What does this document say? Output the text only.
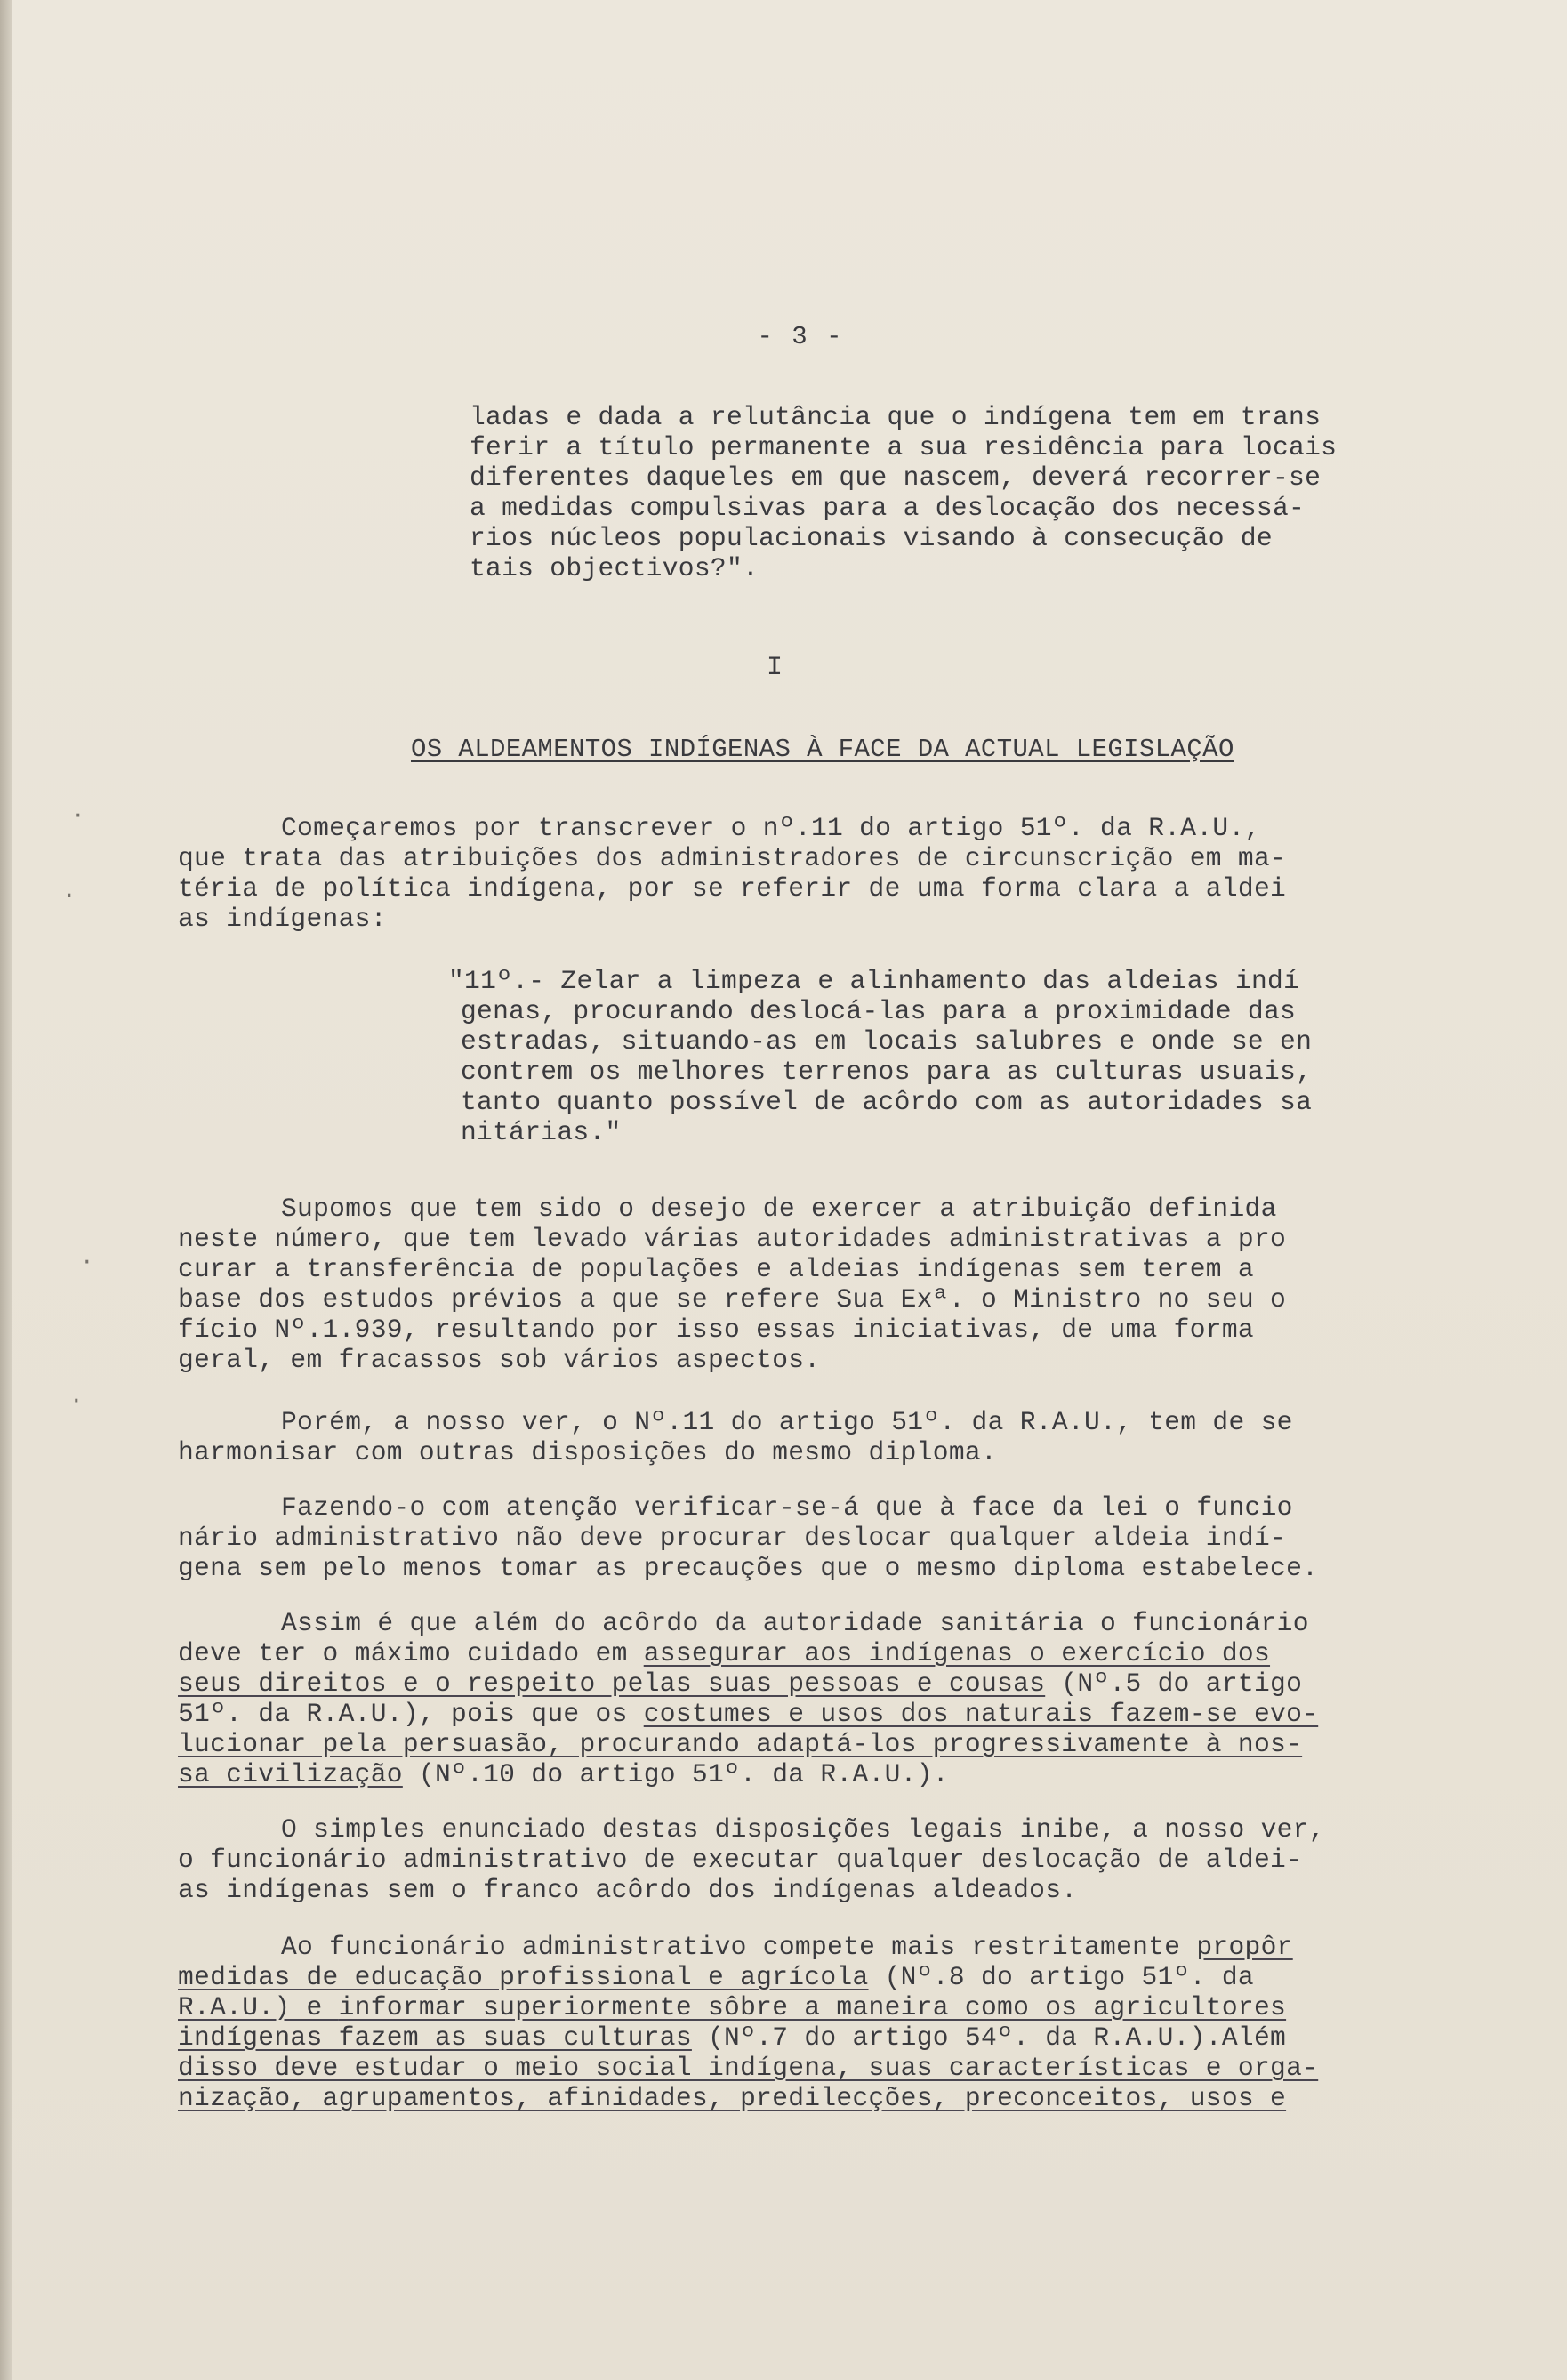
- 3 -
ladas e dada a relutância que o indígena tem em trans
ferir a título permanente a sua residência para locais
diferentes daqueles em que nascem, deverá recorrer-se
a medidas compulsivas para a deslocação dos necessá-
rios núcleos populacionais visando à consecução de
tais objectivos?".
I
OS ALDEAMENTOS INDÍGENAS À FACE DA ACTUAL LEGISLAÇÃO
Começaremos por transcrever o nº.11 do artigo 51º. da R.A.U.,
que trata das atribuições dos administradores de circunscrição em ma-
téria de política indígena, por se referir de uma forma clara a aldei
as indígenas:
"11º.- Zelar a limpeza e alinhamento das aldeias indí
genas, procurando deslocá-las para a proximidade das
estradas, situando-as em locais salubres e onde se en
contrem os melhores terrenos para as culturas usuais,
tanto quanto possível de acôrdo com as autoridades sa
nitárias."
Supomos que tem sido o desejo de exercer a atribuição definida
neste número, que tem levado várias autoridades administrativas a pro
curar a transferência de populações e aldeias indígenas sem terem a
base dos estudos prévios a que se refere Sua Exª. o Ministro no seu o
fício Nº.1.939, resultando por isso essas iniciativas, de uma forma
geral, em fracassos sob vários aspectos.
Porém, a nosso ver, o Nº.11 do artigo 51º. da R.A.U., tem de se
harmonisar com outras disposições do mesmo diploma.
Fazendo-o com atenção verificar-se-á que à face da lei o funcio
nário administrativo não deve procurar deslocar qualquer aldeia indí-
gena sem pelo menos tomar as precauções que o mesmo diploma estabelece.
Assim é que além do acôrdo da autoridade sanitária o funcionário
deve ter o máximo cuidado em assegurar aos indígenas o exercício dos
seus direitos e o respeito pelas suas pessoas e cousas (Nº.5 do artigo
51º. da R.A.U.), pois que os costumes e usos dos naturais fazem-se evo-
lucionar pela persuasão, procurando adaptá-los progressivamente à nos-
sa civilização (Nº.10 do artigo 51º. da R.A.U.).
O simples enunciado destas disposições legais inibe, a nosso ver,
o funcionário administrativo de executar qualquer deslocação de aldei-
as indígenas sem o franco acôrdo dos indígenas aldeados.
Ao funcionário administrativo compete mais restritamente propôr
medidas de educação profissional e agrícola (Nº.8 do artigo 51º. da
R.A.U.) e informar superiormente sôbre a maneira como os agricultores
indígenas fazem as suas culturas (Nº.7 do artigo 54º. da R.A.U.).Além
disso deve estudar o meio social indígena, suas características e orga-
nização, agrupamentos, afinidades, predilecções, preconceitos, usos e
·
·
·
·
